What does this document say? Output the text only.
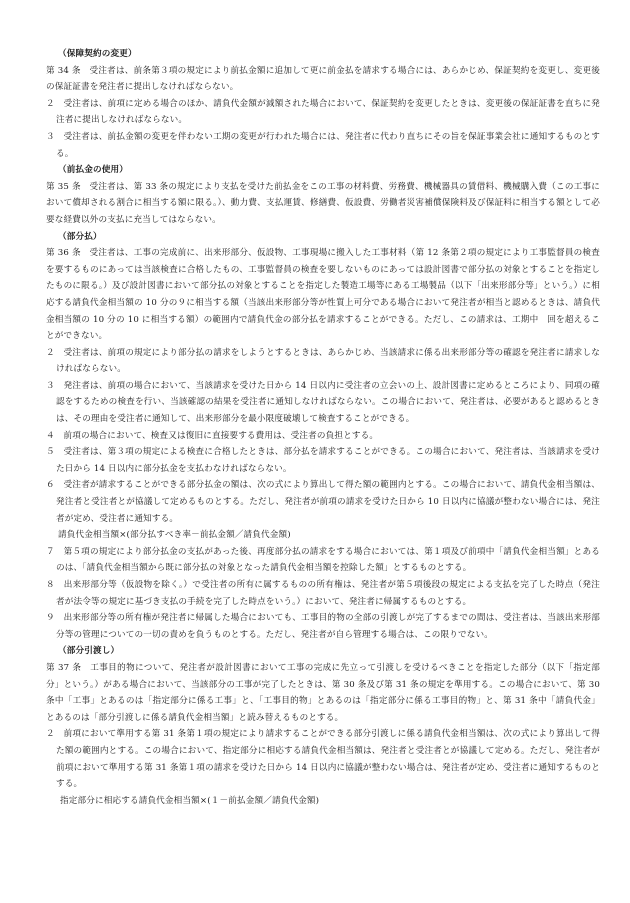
（保障契約の変更）
第 34 条　受注者は、前条第３項の規定により前払金額に追加して更に前金払を請求する場合には、あらかじめ、保証契約を変更し、変更後の保証証書を発注者に提出しなければならない。
２　受注者は、前項に定める場合のほか、請負代金額が減額された場合において、保証契約を変更したときは、変更後の保証証書を直ちに発注者に提出しなければならない。
３　受注者は、前払金額の変更を伴わない工期の変更が行われた場合には、発注者に代わり直ちにその旨を保証事業会社に通知するものとする。
（前払金の使用）
第 35 条　受注者は、第 33 条の規定により支払を受けた前払金をこの工事の材料費、労務費、機械器具の賃借料、機械購入費（この工事において償却される割合に相当する額に限る。）、動力費、支払運賃、修繕費、仮設費、労働者災害補償保険料及び保証料に相当する額として必要な経費以外の支払に充当してはならない。
（部分払）
第 36 条　受注者は、工事の完成前に、出来形部分、仮設物、工事現場に搬入した工事材料（第 12 条第２項の規定により工事監督員の検査を要するものにあっては当該検査に合格したもの、工事監督員の検査を要しないものにあっては設計図書で部分払の対象とすることを指定したものに限る。）及び設計図書において部分払の対象とすることを指定した製造工場等にある工場製品（以下「出来形部分等」という。）に相応する請負代金相当額の 10 分の９に相当する額（当該出来形部分等が性質上可分である場合において発注者が相当と認めるときは、請負代金相当額の 10 分の 10 に相当する額）の範囲内で請負代金の部分払を請求することができる。ただし、この請求は、工期中　回を超えることができない。
２　受注者は、前項の規定により部分払の請求をしようとするときは、あらかじめ、当該請求に係る出来形部分等の確認を発注者に請求しなければならない。
３　発注者は、前項の場合において、当該請求を受けた日から 14 日以内に受注者の立会いの上、設計図書に定めるところにより、同項の確認をするための検査を行い、当該確認の結果を受注者に通知しなければならない。この場合において、発注者は、必要があると認めるときは、その理由を受注者に通知して、出来形部分を最小限度破壊して検査することができる。
４　前項の場合において、検査又は復旧に直接要する費用は、受注者の負担とする。
５　受注者は、第３項の規定による検査に合格したときは、部分払を請求することができる。この場合において、発注者は、当該請求を受けた日から 14 日以内に部分払金を支払わなければならない。
６　受注者が請求することができる部分払金の額は、次の式により算出して得た額の範囲内とする。この場合において、請負代金相当額は、発注者と受注者とが協議して定めるものとする。ただし、発注者が前項の請求を受けた日から 10 日以内に協議が整わない場合には、発注者が定め、受注者に通知する。
請負代金相当額×(部分払すべき率－前払金額／請負代金額)
７　第５項の規定により部分払金の支払があった後、再度部分払の請求をする場合においては、第１項及び前項中「請負代金相当額」とあるのは、「請負代金相当額から既に部分払の対象となった請負代金相当額を控除した額」とするものとする。
８　出来形部分等（仮設物を除く。）で受注者の所有に属するものの所有権は、発注者が第５項後段の規定による支払を完了した時点（発注者が法令等の規定に基づき支払の手続を完了した時点をいう。）において、発注者に帰属するものとする。
９　出来形部分等の所有権が発注者に帰属した場合においても、工事目的物の全部の引渡しが完了するまでの間は、受注者は、当該出来形部分等の管理についての一切の責めを負うものとする。ただし、発注者が自ら管理する場合は、この限りでない。
（部分引渡し）
第 37 条　工事目的物について、発注者が設計図書において工事の完成に先立って引渡しを受けるべきことを指定した部分（以下「指定部分」という。）がある場合において、当該部分の工事が完了したときは、第 30 条及び第 31 条の規定を準用する。この場合において、第 30 条中「工事」とあるのは「指定部分に係る工事」と、「工事目的物」とあるのは「指定部分に係る工事目的物」と、第 31 条中「請負代金」とあるのは「部分引渡しに係る請負代金相当額」と読み替えるものとする。
２　前項において準用する第 31 条第１項の規定により請求することができる部分引渡しに係る請負代金相当額は、次の式により算出して得た額の範囲内とする。この場合において、指定部分に相応する請負代金相当額は、発注者と受注者とが協議して定める。ただし、発注者が前項において準用する第 31 条第１項の請求を受けた日から 14 日以内に協議が整わない場合は、発注者が定め、受注者に通知するものとする。
指定部分に相応する請負代金相当額×(１－前払金額／請負代金額)
